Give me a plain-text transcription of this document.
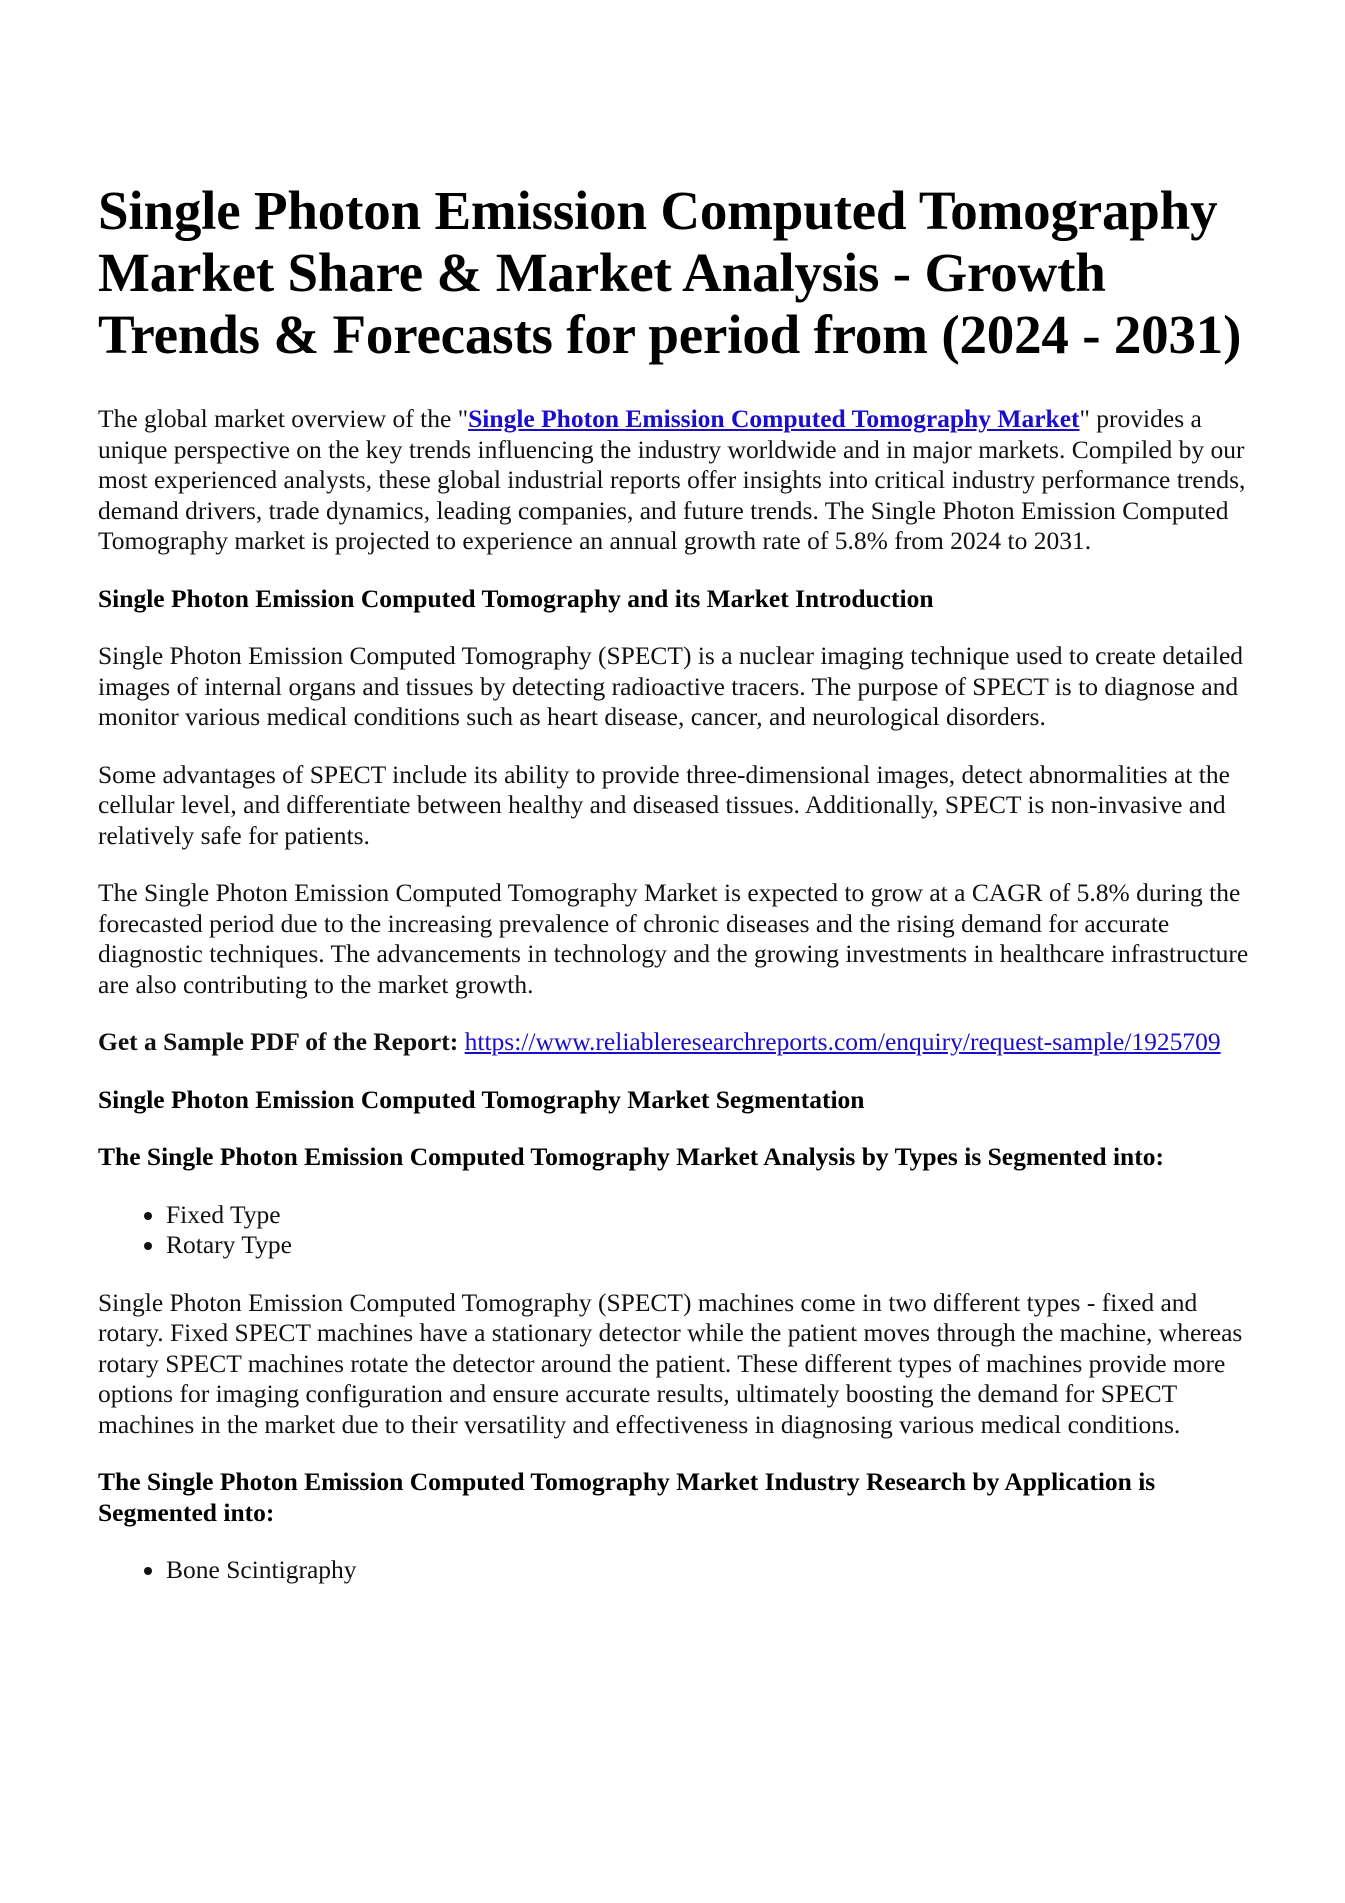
Single Photon Emission Computed Tomography Market Share & Market Analysis - Growth Trends & Forecasts for period from (2024 - 2031)

The global market overview of the "Single Photon Emission Computed Tomography Market" provides a unique perspective on the key trends influencing the industry worldwide and in major markets. Compiled by our most experienced analysts, these global industrial reports offer insights into critical industry performance trends, demand drivers, trade dynamics, leading companies, and future trends. The Single Photon Emission Computed Tomography market is projected to experience an annual growth rate of 5.8% from 2024 to 2031.

Single Photon Emission Computed Tomography and its Market Introduction

Single Photon Emission Computed Tomography (SPECT) is a nuclear imaging technique used to create detailed images of internal organs and tissues by detecting radioactive tracers. The purpose of SPECT is to diagnose and monitor various medical conditions such as heart disease, cancer, and neurological disorders.

Some advantages of SPECT include its ability to provide three-dimensional images, detect abnormalities at the cellular level, and differentiate between healthy and diseased tissues. Additionally, SPECT is non-invasive and relatively safe for patients.

The Single Photon Emission Computed Tomography Market is expected to grow at a CAGR of 5.8% during the forecasted period due to the increasing prevalence of chronic diseases and the rising demand for accurate diagnostic techniques. The advancements in technology and the growing investments in healthcare infrastructure are also contributing to the market growth.

Get a Sample PDF of the Report: https://www.reliableresearchreports.com/enquiry/request-sample/1925709

Single Photon Emission Computed Tomography Market Segmentation

The Single Photon Emission Computed Tomography Market Analysis by Types is Segmented into:

• Fixed Type
• Rotary Type

Single Photon Emission Computed Tomography (SPECT) machines come in two different types - fixed and rotary. Fixed SPECT machines have a stationary detector while the patient moves through the machine, whereas rotary SPECT machines rotate the detector around the patient. These different types of machines provide more options for imaging configuration and ensure accurate results, ultimately boosting the demand for SPECT machines in the market due to their versatility and effectiveness in diagnosing various medical conditions.

The Single Photon Emission Computed Tomography Market Industry Research by Application is Segmented into:

• Bone Scintigraphy
